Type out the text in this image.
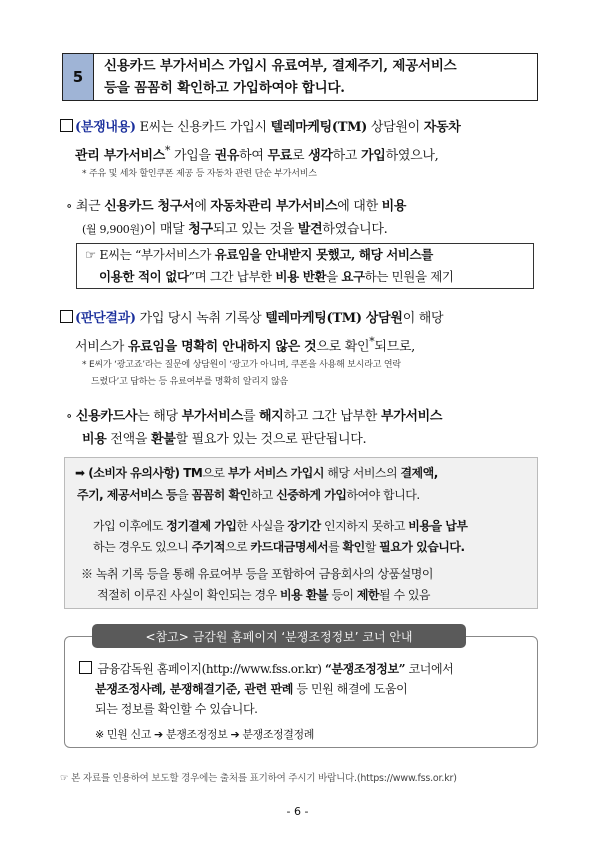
5
신용카드 부가서비스 가입시 유료여부, 결제주기, 제공서비스
등을 꼼꼼히 확인하고 가입하여야 합니다.
(분쟁내용) E씨는 신용카드 가입시 텔레마케팅(TM) 상담원이 자동차
관리 부가서비스* 가입을 권유하여 무료로 생각하고 가입하였으나,
* 주유 및 세차 할인쿠폰 제공 등 자동차 관련 단순 부가서비스
∘ 최근 신용카드 청구서에 자동차관리 부가서비스에 대한 비용
(월 9,900원)이 매달 청구되고 있는 것을 발견하였습니다.
☞ E씨는 “부가서비스가 유료임을 안내받지 못했고, 해당 서비스를
이용한 적이 없다”며 그간 납부한 비용 반환을 요구하는 민원을 제기
(판단결과) 가입 당시 녹취 기록상 텔레마케팅(TM) 상담원이 해당
서비스가 유료임을 명확히 안내하지 않은 것으로 확인*되므로,
* E씨가 ‘광고죠’라는 질문에 상담원이 ‘광고가 아니며, 쿠폰을 사용해 보시라고 연락
드렸다’고 답하는 등 유료여부를 명확히 알리지 않음
∘ 신용카드사는 해당 부가서비스를 해지하고 그간 납부한 부가서비스
비용 전액을 환불할 필요가 있는 것으로 판단됩니다.
➡ (소비자 유의사항) TM으로 부가 서비스 가입시 해당 서비스의 결제액,
주기, 제공서비스 등을 꼼꼼히 확인하고 신중하게 가입하여야 합니다.
가입 이후에도 정기결제 가입한 사실을 장기간 인지하지 못하고 비용을 납부
하는 경우도 있으니 주기적으로 카드대금명세서를 확인할 필요가 있습니다.
※ 녹취 기록 등을 통해 유료여부 등을 포함하여 금융회사의 상품설명이
적절히 이루진 사실이 확인되는 경우 비용 환불 등이 제한될 수 있음
<참고> 금감원 홈페이지 ‘분쟁조정정보’ 코너 안내
금융감독원 홈페이지(http://www.fss.or.kr) “분쟁조정정보” 코너에서
분쟁조정사례, 분쟁해결기준, 관련 판례 등 민원 해결에 도움이
되는 정보를 확인할 수 있습니다.
※ 민원 신고 ➔ 분쟁조정정보 ➔ 분쟁조정결정례
☞ 본 자료를 인용하여 보도할 경우에는 출처를 표기하여 주시기 바랍니다.(https://www.fss.or.kr)
- 6 -
